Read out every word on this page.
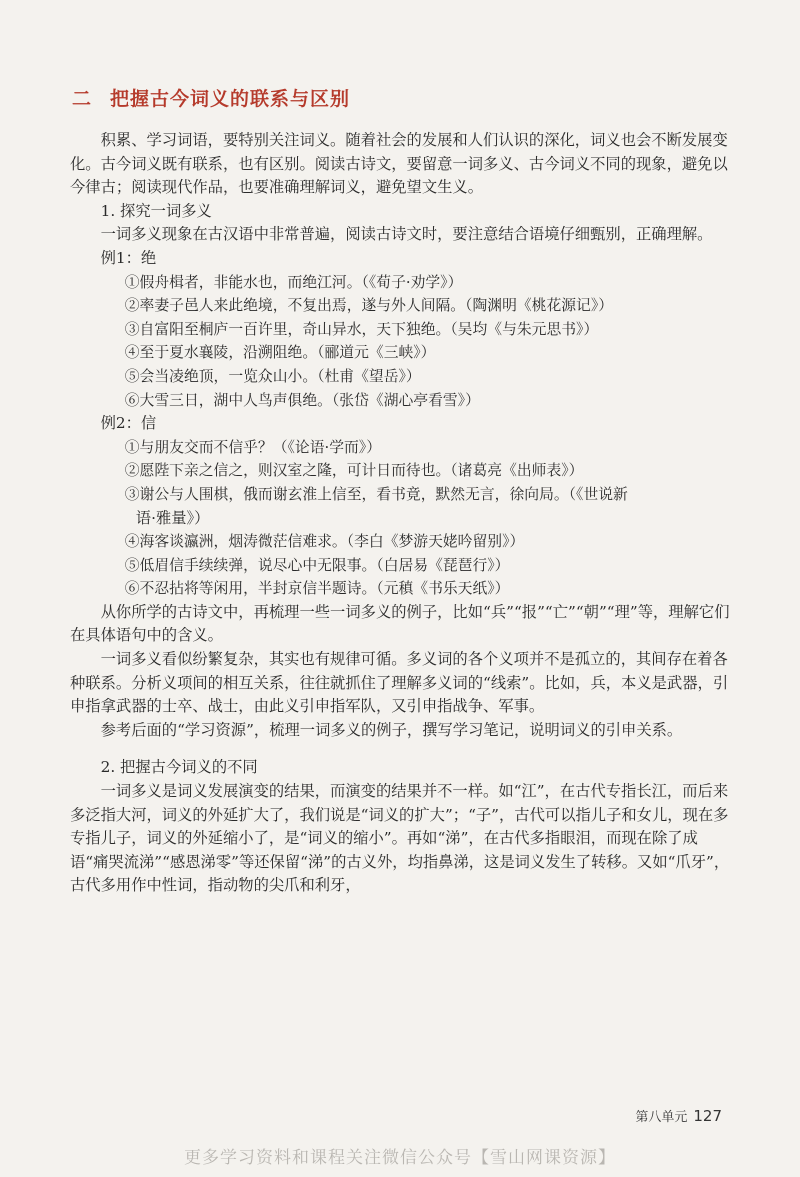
二 把握古今词义的联系与区别

积累、学习词语，要特别关注词义。随着社会的发展和人们认识的深化，词义也会不断发展变化。古今词义既有联系，也有区别。阅读古诗文，要留意一词多义、古今词义不同的现象，避免以今律古；阅读现代作品，也要准确理解词义，避免望文生义。

1. 探究一词多义

一词多义现象在古汉语中非常普遍，阅读古诗文时，要注意结合语境仔细甄别，正确理解。

例1：绝

①假舟楫者，非能水也，而绝江河。（《荀子·劝学》）

②率妻子邑人来此绝境，不复出焉，遂与外人间隔。（陶渊明《桃花源记》）

③自富阳至桐庐一百许里，奇山异水，天下独绝。（吴均《与朱元思书》）

④至于夏水襄陵，沿溯阻绝。（郦道元《三峡》）

⑤会当凌绝顶，一览众山小。（杜甫《望岳》）

⑥大雪三日，湖中人鸟声俱绝。（张岱《湖心亭看雪》）

例2：信

①与朋友交而不信乎？（《论语·学而》）

②愿陛下亲之信之，则汉室之隆，可计日而待也。（诸葛亮《出师表》）

③谢公与人围棋，俄而谢玄淮上信至，看书竟，默然无言，徐向局。（《世说新

语·雅量》）

④海客谈瀛洲，烟涛微茫信难求。（李白《梦游天姥吟留别》）

⑤低眉信手续续弹，说尽心中无限事。（白居易《琵琶行》）

⑥不忍拈将等闲用，半封京信半题诗。（元稹《书乐天纸》）

从你所学的古诗文中，再梳理一些一词多义的例子，比如“兵”“报”“亡”“朝”“理”等，理解它们在具体语句中的含义。

一词多义看似纷繁复杂，其实也有规律可循。多义词的各个义项并不是孤立的，其间存在着各种联系。分析义项间的相互关系，往往就抓住了理解多义词的“线索”。比如，兵，本义是武器，引申指拿武器的士卒、战士，由此义引申指军队，又引申指战争、军事。

参考后面的“学习资源”，梳理一词多义的例子，撰写学习笔记，说明词义的引申关系。

2. 把握古今词义的不同

一词多义是词义发展演变的结果，而演变的结果并不一样。如“江”，在古代专指长江，而后来多泛指大河，词义的外延扩大了，我们说是“词义的扩大”；“子”，古代可以指儿子和女儿，现在多专指儿子，词义的外延缩小了，是“词义的缩小”。再如“涕”，在古代多指眼泪，而现在除了成语“痛哭流涕”“感恩涕零”等还保留“涕”的古义外，均指鼻涕，这是词义发生了转移。又如“爪牙”，古代多用作中性词，指动物的尖爪和利牙，

第八单元 127
更多学习资料和课程关注微信公众号【雪山网课资源】
